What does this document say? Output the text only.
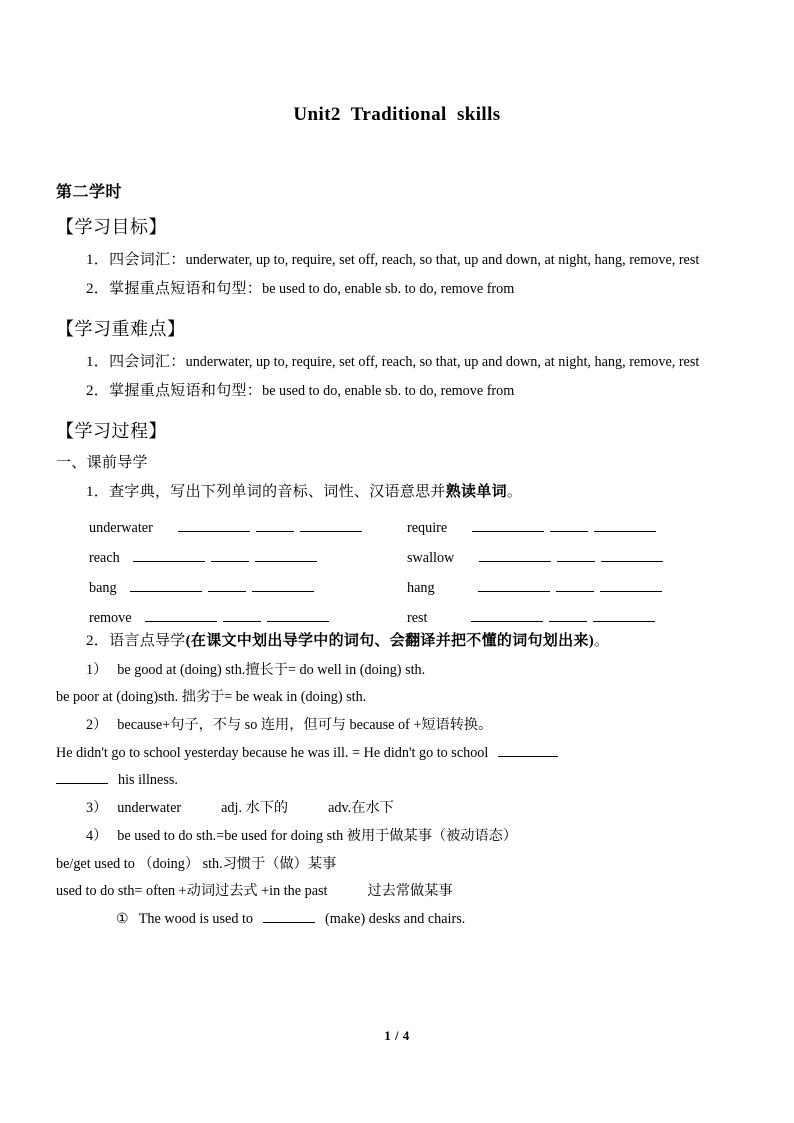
Unit2  Traditional  skills
第二学时
【学习目标】

1．四会词汇：underwater, up to, require, set off, reach, so that, up and down, at night, hang, remove, rest

2．掌握重点短语和句型：be used to do, enable sb. to do, remove from

【学习重难点】

1．四会词汇：underwater, up to, require, set off, reach, so that, up and down, at night, hang, remove, rest

2．掌握重点短语和句型：be used to do, enable sb. to do, remove from

【学习过程】

一、课前导学

1．查字典，写出下列单词的音标、词性、汉语意思并熟读单词。

underwater	require
reach	swallow
bang	hang
remove	rest

2．语言点导学(在课文中划出导学中的词句、会翻译并把不懂的词句划出来)。

1） be good at (doing) sth.擅长于= do well in (doing) sth.

be poor at (doing)sth. 拙劣于= be weak in (doing) sth.

2） because+句子，不与 so 连用，但可与 because of +短语转换。

He didn't go to school yesterday because he was ill. = He didn't go to school

his illness.

3） underwater	adj. 水下的	adv.在水下

4） be used to do sth.=be used for doing sth 被用于做某事（被动语态）

be/get used to （doing） sth.习惯于（做）某事

used to do sth= often +动词过去式 +in the past	过去常做某事

① The wood is used to	(make) desks and chairs.

1 / 4
